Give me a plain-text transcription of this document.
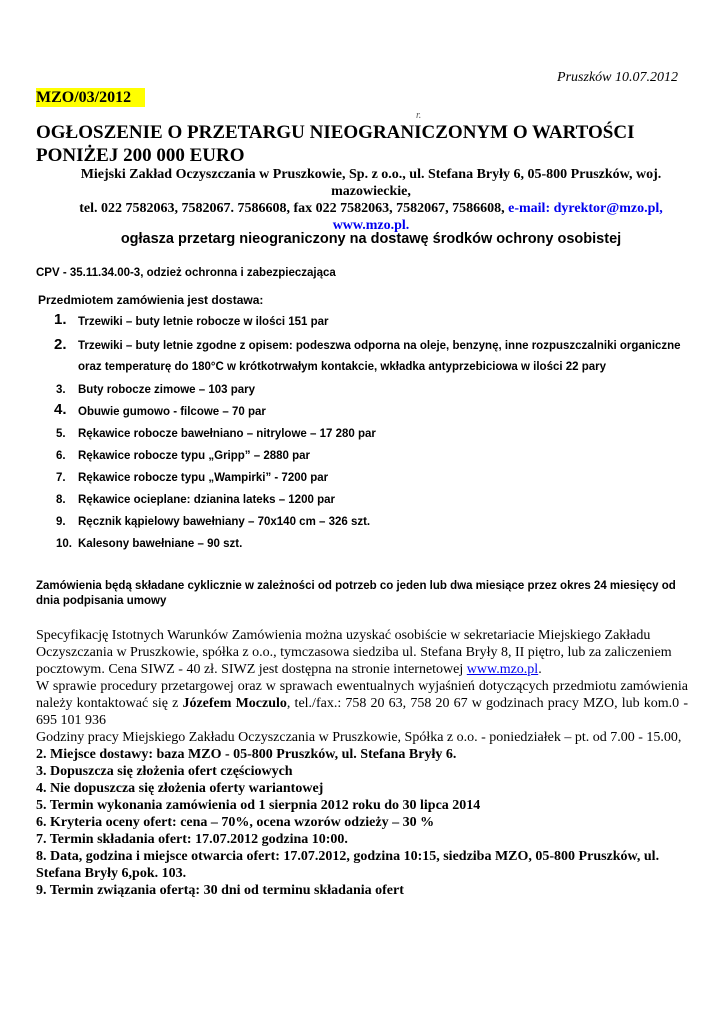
Pruszków 10.07.2012
MZO/03/2012
r.
OGŁOSZENIE O PRZETARGU NIEOGRANICZONYM O WARTOŚCI
PONIŻEJ 200 000 EURO
Miejski Zakład Oczyszczania w Pruszkowie, Sp. z o.o., ul. Stefana Bryły 6, 05-800 Pruszków, woj.
mazowieckie,
tel. 022 7582063, 7582067. 7586608, fax 022 7582063, 7582067, 7586608, e-mail: dyrektor@mzo.pl,
www.mzo.pl.
ogłasza przetarg nieograniczony na dostawę środków ochrony osobistej
CPV - 35.11.34.00-3, odzież ochronna i zabezpieczająca
Przedmiotem zamówienia jest dostawa:
1. Trzewiki – buty letnie robocze w ilości 151 par
2. Trzewiki – buty letnie zgodne z opisem: podeszwa odporna na oleje, benzynę, inne rozpuszczalniki organiczne oraz temperaturę do 180°C w krótkotrwałym kontakcie, wkładka antyprzebiciowa w ilości 22 pary
3. Buty robocze zimowe – 103 pary
4. Obuwie gumowo - filcowe – 70 par
5. Rękawice robocze bawełniano – nitrylowe – 17 280 par
6. Rękawice robocze typu „Gripp” – 2880 par
7. Rękawice robocze typu „Wampirki” - 7200 par
8. Rękawice ocieplane: dzianina lateks – 1200 par
9. Ręcznik kąpielowy bawełniany – 70x140 cm – 326 szt.
10. Kalesony bawełniane – 90 szt.
Zamówienia będą składane cyklicznie w zależności od potrzeb co jeden lub dwa miesiące przez okres 24 miesięcy od dnia podpisania umowy

Specyfikację Istotnych Warunków Zamówienia można uzyskać osobiście w sekretariacie Miejskiego Zakładu Oczyszczania w Pruszkowie, spółka z o.o., tymczasowa siedziba ul. Stefana Bryły 8, II piętro, lub za zaliczeniem pocztowym. Cena SIWZ - 40 zł. SIWZ jest dostępna na stronie internetowej www.mzo.pl.

W sprawie procedury przetargowej oraz w sprawach ewentualnych wyjaśnień dotyczących przedmiotu zamówienia należy kontaktować się z Józefem Moczulo, tel./fax.: 758 20 63, 758 20 67 w godzinach pracy MZO, lub kom.0 - 695 101 936

Godziny pracy Miejskiego Zakładu Oczyszczania w Pruszkowie, Spółka z o.o. - poniedziałek – pt. od 7.00 - 15.00,

2. Miejsce dostawy: baza MZO - 05-800 Pruszków, ul. Stefana Bryły 6.

3. Dopuszcza się złożenia ofert częściowych

4. Nie dopuszcza się złożenia oferty wariantowej

5. Termin wykonania zamówienia od 1 sierpnia 2012 roku do 30 lipca 2014

6. Kryteria oceny ofert: cena – 70%, ocena wzorów odzieży – 30 %

7. Termin składania ofert: 17.07.2012 godzina 10:00.

8. Data, godzina i miejsce otwarcia ofert: 17.07.2012, godzina 10:15, siedziba MZO, 05-800 Pruszków, ul. Stefana Bryły 6,pok. 103.

9. Termin związania ofertą: 30 dni od terminu składania ofert
